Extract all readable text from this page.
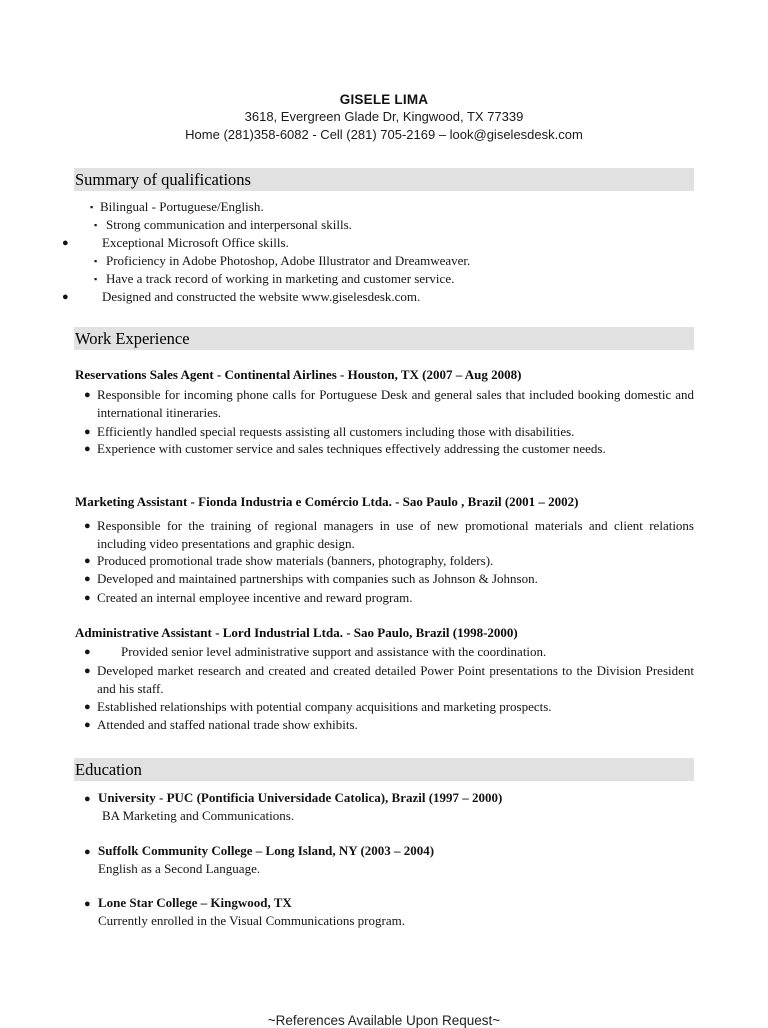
GISELE LIMA
3618, Evergreen Glade Dr, Kingwood, TX 77339
Home (281)358-6082 - Cell (281) 705-2169 – look@giselesdesk.com
Summary of qualifications
▪ Bilingual - Portuguese/English.
▪ Strong communication and interpersonal skills.
●	Exceptional Microsoft Office skills.
▪ Proficiency in Adobe Photoshop, Adobe Illustrator and Dreamweaver.
▪ Have a track record of working in marketing and customer service.
●	Designed and constructed the website www.giselesdesk.com.
Work Experience
Reservations Sales Agent - Continental Airlines - Houston, TX (2007 – Aug 2008)
● Responsible for incoming phone calls for Portuguese Desk and general sales that included booking domestic and international itineraries.
● Efficiently handled special requests assisting all customers including those with disabilities.
● Experience with customer service and sales techniques effectively addressing the customer needs.
Marketing Assistant - Fionda Industria e Comércio Ltda. - Sao Paulo , Brazil (2001 – 2002)
● Responsible for the training of regional managers in use of new promotional materials and client relations including video presentations and graphic design.
● Produced promotional trade show materials (banners, photography, folders).
● Developed and maintained partnerships with companies such as Johnson & Johnson.
● Created an internal employee incentive and reward program.
Administrative Assistant - Lord Industrial Ltda. - Sao Paulo, Brazil (1998-2000)
● Provided senior level administrative support and assistance with the coordination.
● Developed market research and created and created detailed Power Point presentations to the Division President and his staff.
● Established relationships with potential company acquisitions and marketing prospects.
● Attended and staffed national trade show exhibits.
Education
● University - PUC (Pontificia Universidade Catolica), Brazil (1997 – 2000)
BA Marketing and Communications.
● Suffolk Community College – Long Island, NY (2003 – 2004)
English as a Second Language.
● Lone Star College – Kingwood, TX
Currently enrolled in the Visual Communications program.
~References Available Upon Request~
